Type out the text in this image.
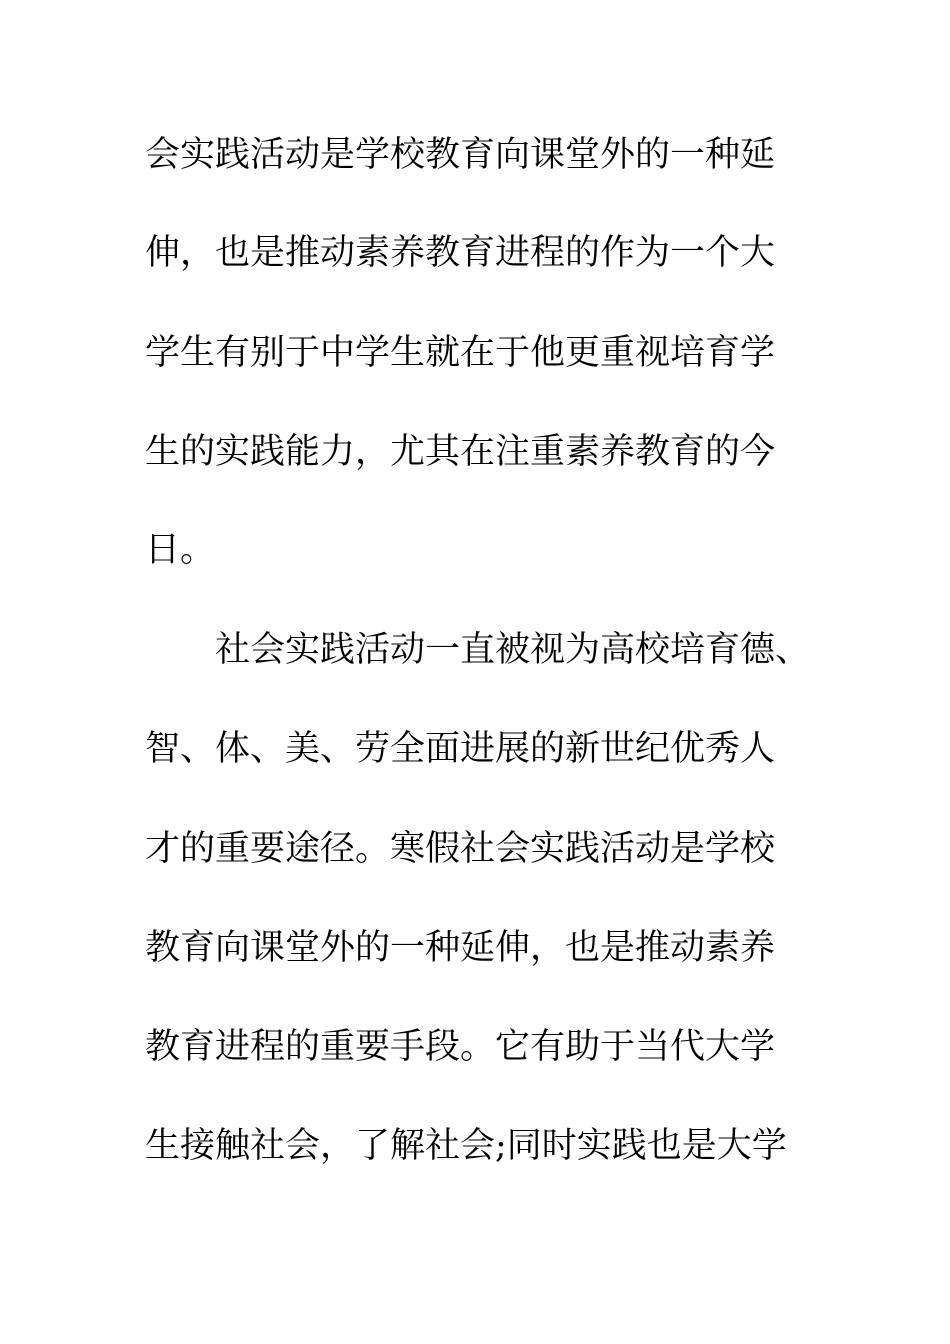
会实践活动是学校教育向课堂外的一种延
伸，也是推动素养教育进程的作为一个大
学生有别于中学生就在于他更重视培育学
生的实践能力，尤其在注重素养教育的今
日。
社会实践活动一直被视为高校培育德、
智、体、美、劳全面进展的新世纪优秀人
才的重要途径。寒假社会实践活动是学校
教育向课堂外的一种延伸，也是推动素养
教育进程的重要手段。它有助于当代大学
生接触社会，了解社会;同时实践也是大学
